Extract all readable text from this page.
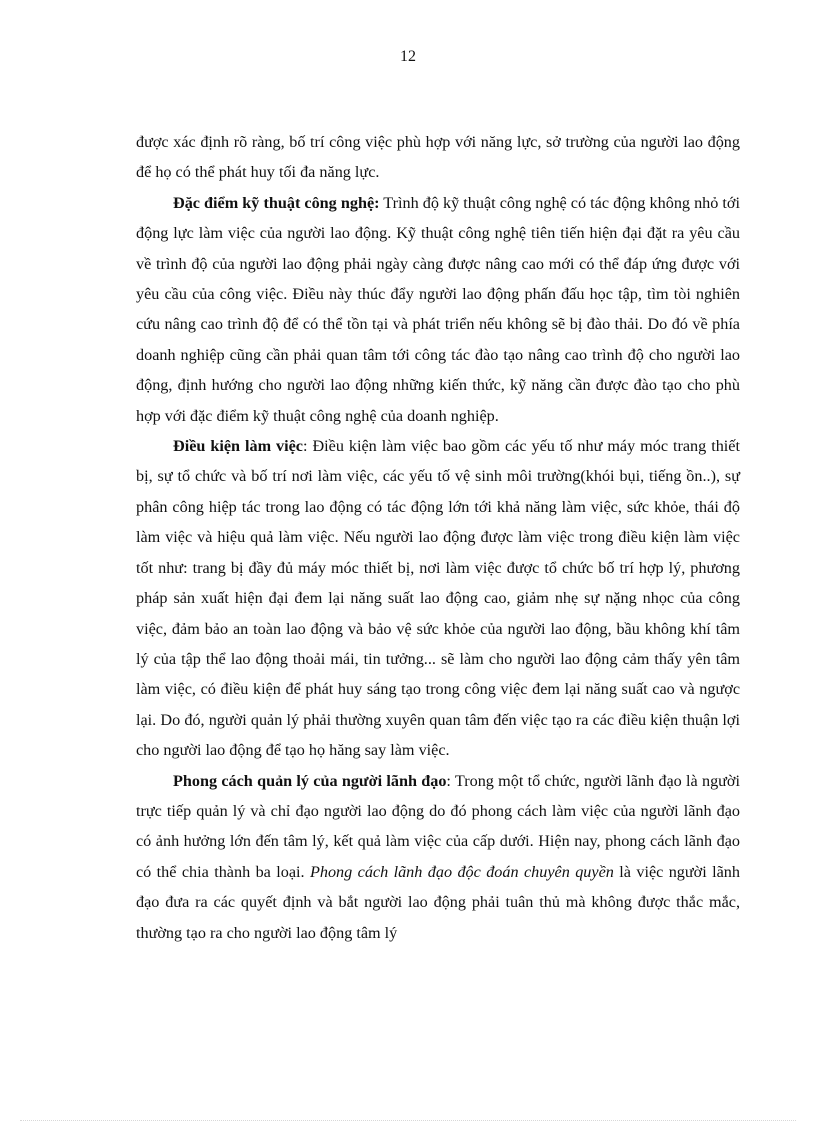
12

được xác định rõ ràng, bố trí công việc phù hợp với năng lực, sở trường của người lao động để họ có thể phát huy tối đa năng lực.

Đặc điểm kỹ thuật công nghệ: Trình độ kỹ thuật công nghệ có tác động không nhỏ tới động lực làm việc của người lao động. Kỹ thuật công nghệ tiên tiến hiện đại đặt ra yêu cầu về trình độ của người lao động phải ngày càng được nâng cao mới có thể đáp ứng được với yêu cầu của công việc. Điều này thúc đẩy người lao động phấn đấu học tập, tìm tòi nghiên cứu nâng cao trình độ để có thể tồn tại và phát triển nếu không sẽ bị đào thải. Do đó về phía doanh nghiệp cũng cần phải quan tâm tới công tác đào tạo nâng cao trình độ cho người lao động, định hướng cho người lao động những kiến thức, kỹ năng cần được đào tạo cho phù hợp với đặc điểm kỹ thuật công nghệ của doanh nghiệp.

Điều kiện làm việc: Điều kiện làm việc bao gồm các yếu tố như máy móc trang thiết bị, sự tổ chức và bố trí nơi làm việc, các yếu tố vệ sinh môi trường(khói bụi, tiếng ồn..), sự phân công hiệp tác trong lao động có tác động lớn tới khả năng làm việc, sức khỏe, thái độ làm việc và hiệu quả làm việc. Nếu người lao động được làm việc trong điều kiện làm việc tốt như: trang bị đầy đủ máy móc thiết bị, nơi làm việc được tổ chức bố trí hợp lý, phương pháp sản xuất hiện đại đem lại năng suất lao động cao, giảm nhẹ sự nặng nhọc của công việc, đảm bảo an toàn lao động và bảo vệ sức khỏe của người lao động, bầu không khí tâm lý của tập thể lao động thoải mái, tin tưởng... sẽ làm cho người lao động cảm thấy yên tâm làm việc, có điều kiện để phát huy sáng tạo trong công việc đem lại năng suất cao và ngược lại. Do đó, người quản lý phải thường xuyên quan tâm đến việc tạo ra các điều kiện thuận lợi cho người lao động để tạo họ hăng say làm việc.

Phong cách quản lý của người lãnh đạo: Trong một tổ chức, người lãnh đạo là người trực tiếp quản lý và chỉ đạo người lao động do đó phong cách làm việc của người lãnh đạo có ảnh hưởng lớn đến tâm lý, kết quả làm việc của cấp dưới. Hiện nay, phong cách lãnh đạo có thể chia thành ba loại. Phong cách lãnh đạo độc đoán chuyên quyền là việc người lãnh đạo đưa ra các quyết định và bắt người lao động phải tuân thủ mà không được thắc mắc, thường tạo ra cho người lao động tâm lý
